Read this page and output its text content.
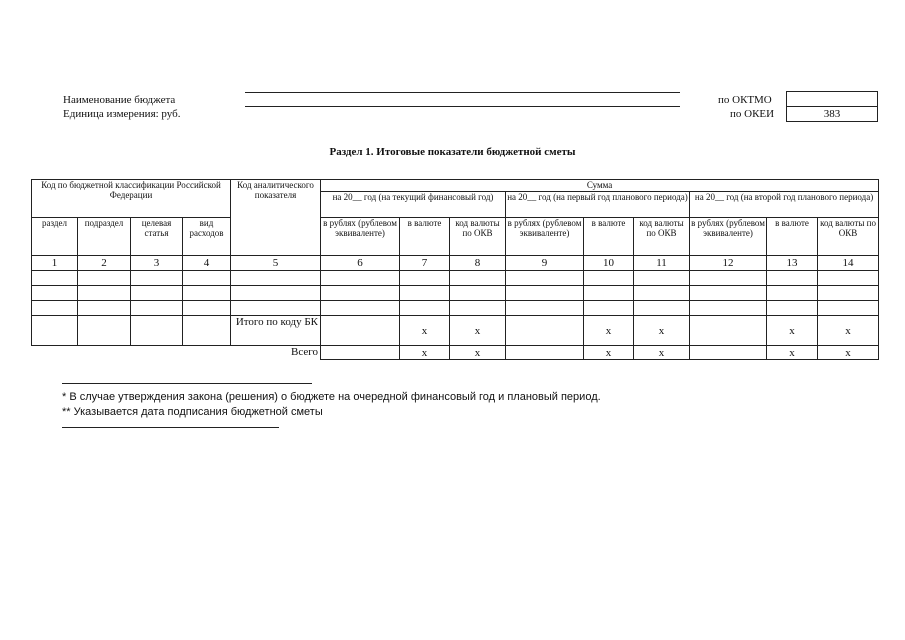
Наименование бюджета
Единица измерения: руб.
по ОКТМО
по ОКЕИ	383
Раздел 1. Итоговые показатели бюджетной сметы
Код по бюджетной классификации Российской Федерации				Код аналитического показателя	Сумма								
					на 20__ год (на текущий финансовый год)			на 20__ год (на первый год планового периода)			на 20__ год (на второй год планового периода)		
раздел	подраздел	целевая статья	вид расходов		в рублях (рублевом эквиваленте)	в валюте	код валюты по ОКВ	в рублях (рублевом эквиваленте)	в валюте	код валюты по ОКВ	в рублях (рублевом эквиваленте)	в валюте	код валюты по ОКВ
1	2	3	4	5	6	7	8	9	10	11	12	13	14

				Итого по коду БК		х	х		х	х		х	х
Всего						х	х		х	х		х	х
* В случае утверждения закона (решения) о бюджете на очередной финансовый год и плановый период.
** Указывается дата подписания бюджетной сметы
